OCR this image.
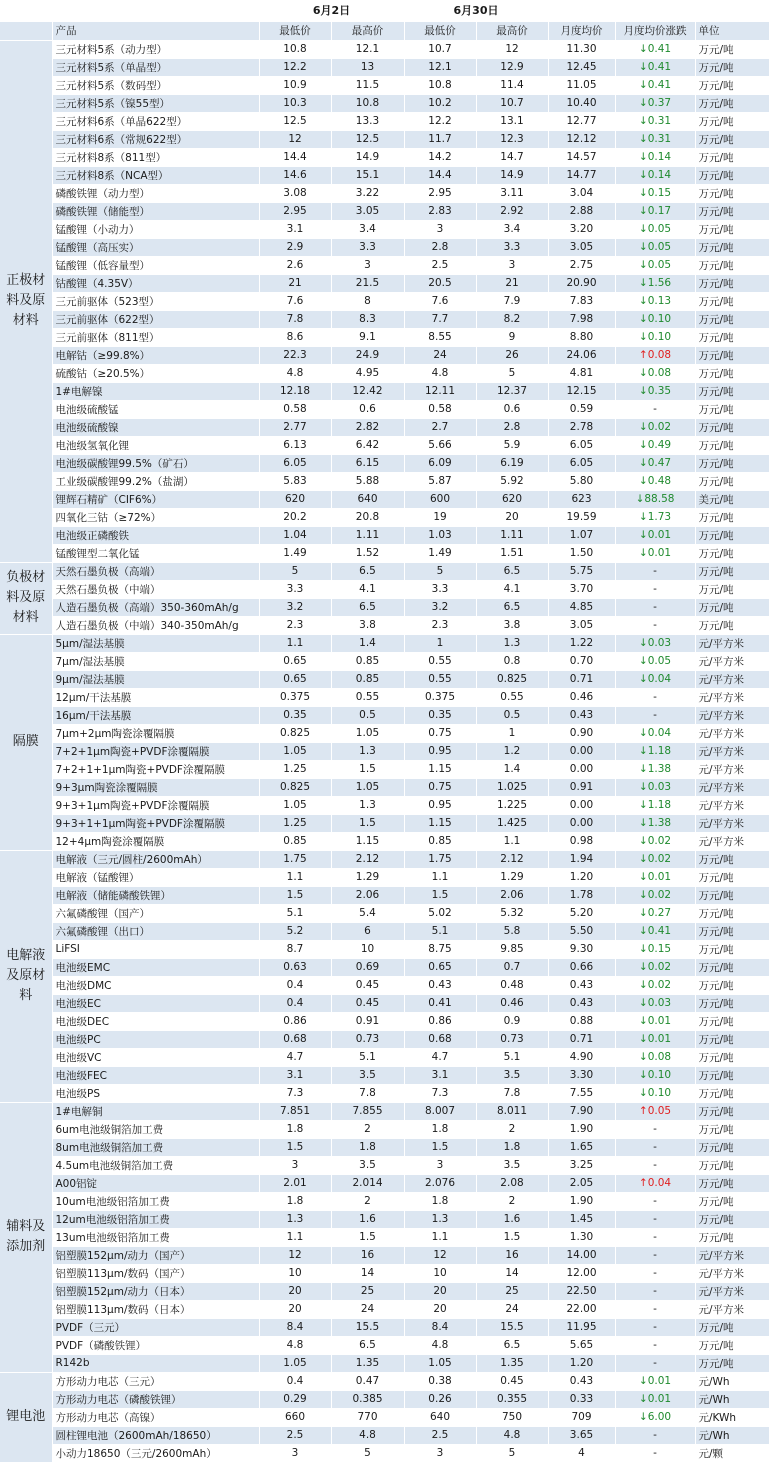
		6月2日		6月30日				
	产品	最低价	最高价	最低价	最高价	月度均价	月度均价涨跌	单位
正极材料及原材料	三元材料5系（动力型）	10.8	12.1	10.7	12	11.30	↓0.41	万元/吨
	三元材料5系（单晶型）	12.2	13	12.1	12.9	12.45	↓0.41	万元/吨
	三元材料5系（数码型）	10.9	11.5	10.8	11.4	11.05	↓0.41	万元/吨
	三元材料5系（镍55型）	10.3	10.8	10.2	10.7	10.40	↓0.37	万元/吨
	三元材料6系（单晶622型）	12.5	13.3	12.2	13.1	12.77	↓0.31	万元/吨
	三元材料6系（常规622型）	12	12.5	11.7	12.3	12.12	↓0.31	万元/吨
	三元材料8系（811型）	14.4	14.9	14.2	14.7	14.57	↓0.14	万元/吨
	三元材料8系（NCA型）	14.6	15.1	14.4	14.9	14.77	↓0.14	万元/吨
	磷酸铁锂（动力型）	3.08	3.22	2.95	3.11	3.04	↓0.15	万元/吨
	磷酸铁锂（储能型）	2.95	3.05	2.83	2.92	2.88	↓0.17	万元/吨
	锰酸锂（小动力）	3.1	3.4	3	3.4	3.20	↓0.05	万元/吨
	锰酸锂（高压实）	2.9	3.3	2.8	3.3	3.05	↓0.05	万元/吨
	锰酸锂（低容量型）	2.6	3	2.5	3	2.75	↓0.05	万元/吨
	钴酸锂（4.35V）	21	21.5	20.5	21	20.90	↓1.56	万元/吨
	三元前驱体（523型）	7.6	8	7.6	7.9	7.83	↓0.13	万元/吨
	三元前驱体（622型）	7.8	8.3	7.7	8.2	7.98	↓0.10	万元/吨
	三元前驱体（811型）	8.6	9.1	8.55	9	8.80	↓0.10	万元/吨
	电解钴（≥99.8%）	22.3	24.9	24	26	24.06	↑0.08	万元/吨
	硫酸钴（≥20.5%）	4.8	4.95	4.8	5	4.81	↓0.08	万元/吨
	1#电解镍	12.18	12.42	12.11	12.37	12.15	↓0.35	万元/吨
	电池级硫酸锰	0.58	0.6	0.58	0.6	0.59	-	万元/吨
	电池级硫酸镍	2.77	2.82	2.7	2.8	2.78	↓0.02	万元/吨
	电池级氢氧化锂	6.13	6.42	5.66	5.9	6.05	↓0.49	万元/吨
	电池级碳酸锂99.5%（矿石）	6.05	6.15	6.09	6.19	6.05	↓0.47	万元/吨
	工业级碳酸锂99.2%（盐湖）	5.83	5.88	5.87	5.92	5.80	↓0.48	万元/吨
	锂辉石精矿（CIF6%）	620	640	600	620	623	↓88.58	美元/吨
	四氧化三钴（≥72%）	20.2	20.8	19	20	19.59	↓1.73	万元/吨
	电池级正磷酸铁	1.04	1.11	1.03	1.11	1.07	↓0.01	万元/吨
	锰酸锂型二氧化锰	1.49	1.52	1.49	1.51	1.50	↓0.01	万元/吨
负极材料及原材料	天然石墨负极（高端）	5	6.5	5	6.5	5.75	-	万元/吨
	天然石墨负极（中端）	3.3	4.1	3.3	4.1	3.70	-	万元/吨
	人造石墨负极（高端）350-360mAh/g	3.2	6.5	3.2	6.5	4.85	-	万元/吨
	人造石墨负极（中端）340-350mAh/g	2.3	3.8	2.3	3.8	3.05	-	万元/吨
隔膜	5μm/湿法基膜	1.1	1.4	1	1.3	1.22	↓0.03	元/平方米
	7μm/湿法基膜	0.65	0.85	0.55	0.8	0.70	↓0.05	元/平方米
	9μm/湿法基膜	0.65	0.85	0.55	0.825	0.71	↓0.04	元/平方米
	12μm/干法基膜	0.375	0.55	0.375	0.55	0.46	-	元/平方米
	16μm/干法基膜	0.35	0.5	0.35	0.5	0.43	-	元/平方米
	7μm+2μm陶瓷涂覆隔膜	0.825	1.05	0.75	1	0.90	↓0.04	元/平方米
	7+2+1μm陶瓷+PVDF涂覆隔膜	1.05	1.3	0.95	1.2	0.00	↓1.18	元/平方米
	7+2+1+1μm陶瓷+PVDF涂覆隔膜	1.25	1.5	1.15	1.4	0.00	↓1.38	元/平方米
	9+3μm陶瓷涂覆隔膜	0.825	1.05	0.75	1.025	0.91	↓0.03	元/平方米
	9+3+1μm陶瓷+PVDF涂覆隔膜	1.05	1.3	0.95	1.225	0.00	↓1.18	元/平方米
	9+3+1+1μm陶瓷+PVDF涂覆隔膜	1.25	1.5	1.15	1.425	0.00	↓1.38	元/平方米
	12+4μm陶瓷涂覆隔膜	0.85	1.15	0.85	1.1	0.98	↓0.02	元/平方米
电解液及原材料	电解液（三元/圆柱/2600mAh）	1.75	2.12	1.75	2.12	1.94	↓0.02	万元/吨
	电解液（锰酸锂）	1.1	1.29	1.1	1.29	1.20	↓0.01	万元/吨
	电解液（储能磷酸铁锂）	1.5	2.06	1.5	2.06	1.78	↓0.02	万元/吨
	六氟磷酸锂（国产）	5.1	5.4	5.02	5.32	5.20	↓0.27	万元/吨
	六氟磷酸锂（出口）	5.2	6	5.1	5.8	5.50	↓0.41	万元/吨
	LiFSI	8.7	10	8.75	9.85	9.30	↓0.15	万元/吨
	电池级EMC	0.63	0.69	0.65	0.7	0.66	↓0.02	万元/吨
	电池级DMC	0.4	0.45	0.43	0.48	0.43	↓0.02	万元/吨
	电池级EC	0.4	0.45	0.41	0.46	0.43	↓0.03	万元/吨
	电池级DEC	0.86	0.91	0.86	0.9	0.88	↓0.01	万元/吨
	电池级PC	0.68	0.73	0.68	0.73	0.71	↓0.01	万元/吨
	电池级VC	4.7	5.1	4.7	5.1	4.90	↓0.08	万元/吨
	电池级FEC	3.1	3.5	3.1	3.5	3.30	↓0.10	万元/吨
	电池级PS	7.3	7.8	7.3	7.8	7.55	↓0.10	万元/吨
辅料及添加剂	1#电解铜	7.851	7.855	8.007	8.011	7.90	↑0.05	万元/吨
	6um电池级铜箔加工费	1.8	2	1.8	2	1.90	-	万元/吨
	8um电池级铜箔加工费	1.5	1.8	1.5	1.8	1.65	-	万元/吨
	4.5um电池级铜箔加工费	3	3.5	3	3.5	3.25	-	万元/吨
	A00铝锭	2.01	2.014	2.076	2.08	2.05	↑0.04	万元/吨
	10um电池级铝箔加工费	1.8	2	1.8	2	1.90	-	万元/吨
	12um电池级铝箔加工费	1.3	1.6	1.3	1.6	1.45	-	万元/吨
	13um电池级铝箔加工费	1.1	1.5	1.1	1.5	1.30	-	万元/吨
	铝塑膜152μm/动力（国产）	12	16	12	16	14.00	-	元/平方米
	铝塑膜113μm/数码（国产）	10	14	10	14	12.00	-	元/平方米
	铝塑膜152μm/动力（日本）	20	25	20	25	22.50	-	元/平方米
	铝塑膜113μm/数码（日本）	20	24	20	24	22.00	-	元/平方米
	PVDF（三元）	8.4	15.5	8.4	15.5	11.95	-	万元/吨
	PVDF（磷酸铁锂）	4.8	6.5	4.8	6.5	5.65	-	万元/吨
	R142b	1.05	1.35	1.05	1.35	1.20	-	万元/吨
锂电池	方形动力电芯（三元）	0.4	0.47	0.38	0.45	0.43	↓0.01	元/Wh
	方形动力电芯（磷酸铁锂）	0.29	0.385	0.26	0.355	0.33	↓0.01	元/Wh
	方形动力电芯（高镍）	660	770	640	750	709	↓6.00	元/KWh
	圆柱锂电池（2600mAh/18650）	2.5	4.8	2.5	4.8	3.65	-	元/Wh
	小动力18650（三元/2600mAh）	3	5	3	5	4	-	元/颗
